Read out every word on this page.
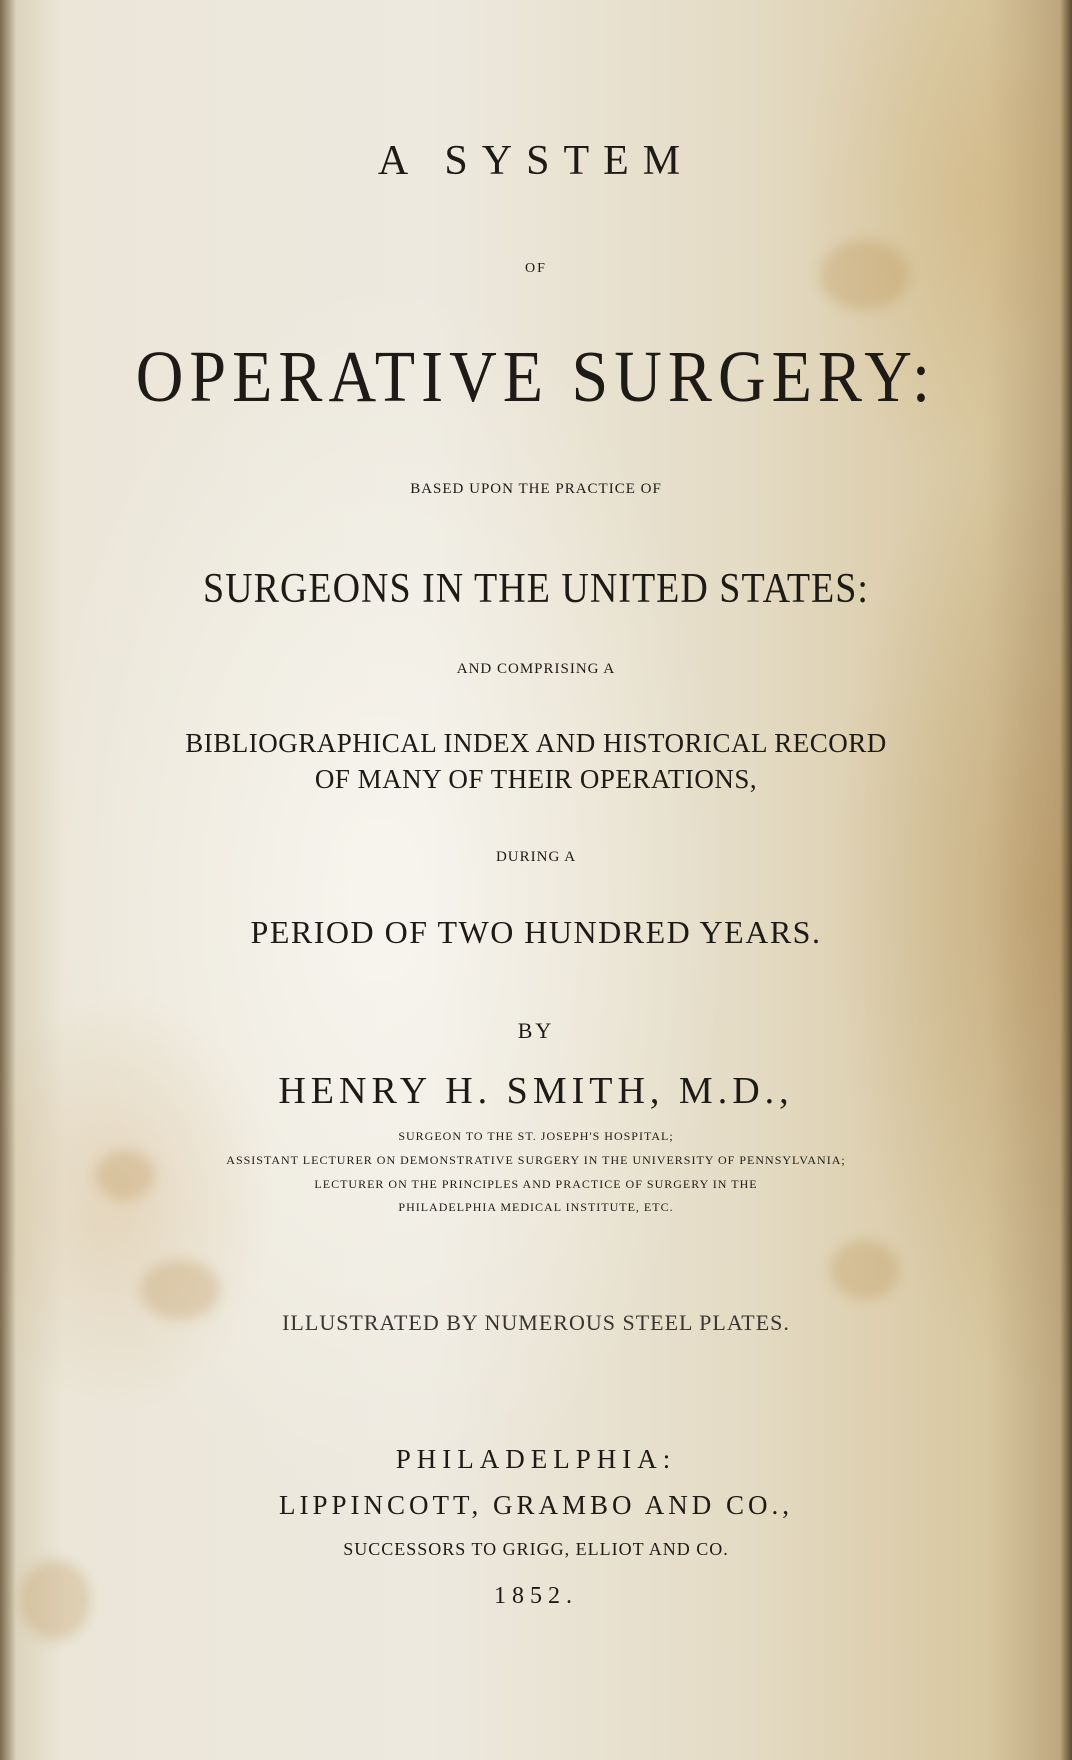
A SYSTEM
OF
OPERATIVE SURGERY:
BASED UPON THE PRACTICE OF
SURGEONS IN THE UNITED STATES:
AND COMPRISING A
BIBLIOGRAPHICAL INDEX AND HISTORICAL RECORD
OF MANY OF THEIR OPERATIONS,
DURING A
PERIOD OF TWO HUNDRED YEARS.
BY
HENRY H. SMITH, M.D.,
SURGEON TO THE ST. JOSEPH'S HOSPITAL;
ASSISTANT LECTURER ON DEMONSTRATIVE SURGERY IN THE UNIVERSITY OF PENNSYLVANIA;
LECTURER ON THE PRINCIPLES AND PRACTICE OF SURGERY IN THE
PHILADELPHIA MEDICAL INSTITUTE, ETC.
ILLUSTRATED BY NUMEROUS STEEL PLATES.
PHILADELPHIA:
LIPPINCOTT, GRAMBO AND CO.,
SUCCESSORS TO GRIGG, ELLIOT AND CO.
1852.
